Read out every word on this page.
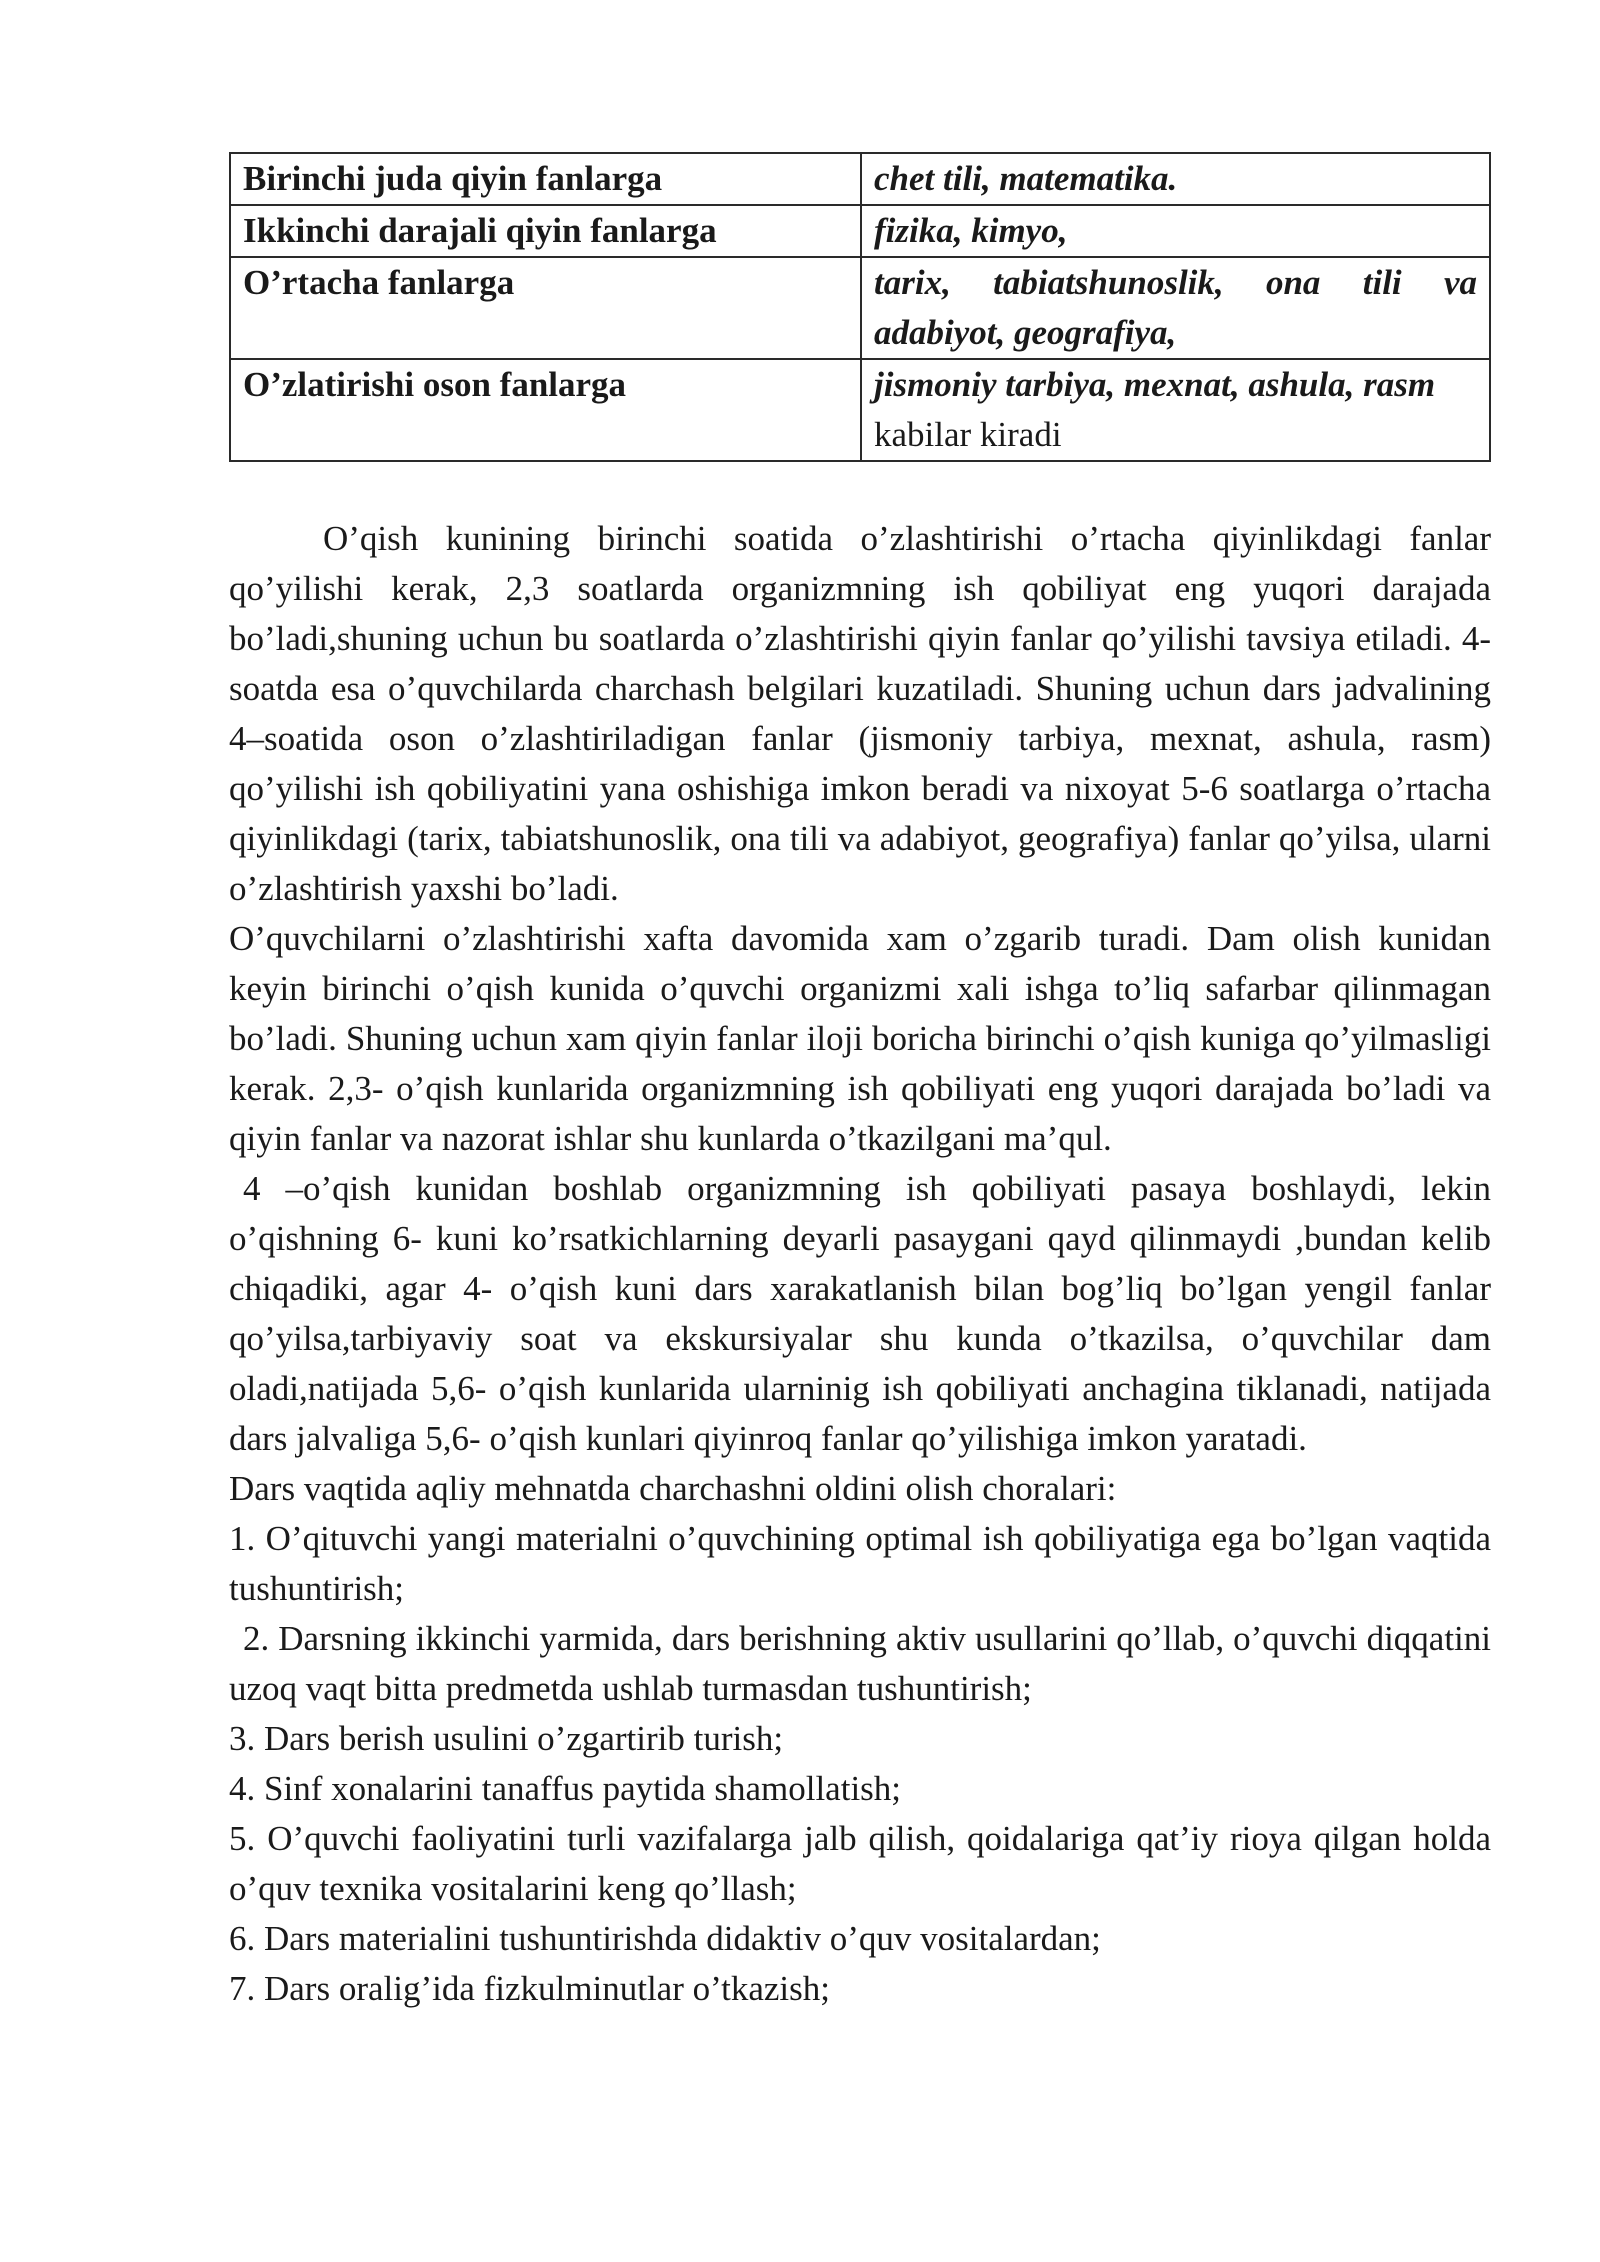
Birinchi juda qiyin fanlarga	chet tili, matematika.
Ikkinchi darajali qiyin fanlarga	fizika, kimyo,
O’rtacha fanlarga	tarix, tabiatshunoslik, ona tili va adabiyot, geografiya,
O’zlatirishi oson fanlarga	jismoniy tarbiya, mexnat, ashula, rasm
kabilar kiradi

O’qish kunining birinchi soatida o’zlashtirishi o’rtacha qiyinlikdagi fanlar qo’yilishi kerak, 2,3 soatlarda organizmning ish qobiliyat eng yuqori darajada bo’ladi,shuning uchun bu soatlarda o’zlashtirishi qiyin fanlar qo’yilishi tavsiya etiladi. 4-soatda esa o’quvchilarda charchash belgilari kuzatiladi. Shuning uchun dars jadvalining 4–soatida oson o’zlashtiriladigan fanlar (jismoniy tarbiya, mexnat, ashula, rasm) qo’yilishi ish qobiliyatini yana oshishiga imkon beradi va nixoyat 5-6 soatlarga o’rtacha qiyinlikdagi (tarix, tabiatshunoslik, ona tili va adabiyot, geografiya) fanlar qo’yilsa, ularni o’zlashtirish yaxshi bo’ladi.

O’quvchilarni o’zlashtirishi xafta davomida xam o’zgarib turadi. Dam olish kunidan keyin birinchi o’qish kunida o’quvchi organizmi xali ishga to’liq safarbar qilinmagan bo’ladi. Shuning uchun xam qiyin fanlar iloji boricha birinchi o’qish kuniga qo’yilmasligi kerak. 2,3- o’qish kunlarida organizmning ish qobiliyati eng yuqori darajada bo’ladi va qiyin fanlar va nazorat ishlar shu kunlarda o’tkazilgani ma’qul.

4 –o’qish kunidan boshlab organizmning ish qobiliyati pasaya boshlaydi, lekin o’qishning 6- kuni ko’rsatkichlarning deyarli pasaygani qayd qilinmaydi ,bundan kelib chiqadiki, agar 4- o’qish kuni dars xarakatlanish bilan bog’liq bo’lgan yengil fanlar qo’yilsa,tarbiyaviy soat va ekskursiyalar shu kunda o’tkazilsa, o’quvchilar dam oladi,natijada 5,6- o’qish kunlarida ularninig ish qobiliyati anchagina tiklanadi, natijada dars jalvaliga 5,6- o’qish kunlari qiyinroq fanlar qo’yilishiga imkon yaratadi.

Dars vaqtida aqliy mehnatda charchashni oldini olish choralari:

1. O’qituvchi yangi materialni o’quvchining optimal ish qobiliyatiga ega bo’lgan vaqtida tushuntirish;

2. Darsning ikkinchi yarmida, dars berishning aktiv usullarini qo’llab, o’quvchi diqqatini uzoq vaqt bitta predmetda ushlab turmasdan tushuntirish;

3. Dars berish usulini o’zgartirib turish;

4. Sinf xonalarini tanaffus paytida shamollatish;

5. O’quvchi faoliyatini turli vazifalarga jalb qilish, qoidalariga qat’iy rioya qilgan holda o’quv texnika vositalarini keng qo’llash;

6. Dars materialini tushuntirishda didaktiv o’quv vositalardan;

7. Dars oralig’ida fizkulminutlar o’tkazish;
